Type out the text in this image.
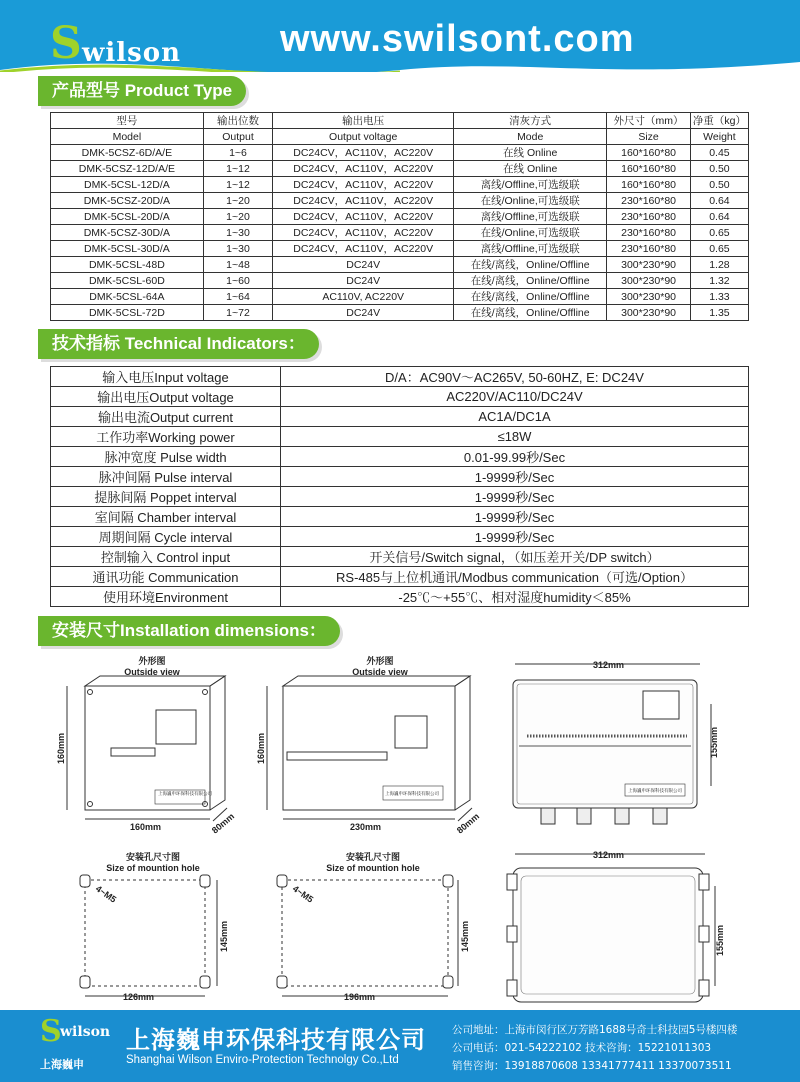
S wilson	www.swilsont.com
产品型号 Product Type
型号	输出位数	输出电压	清灰方式	外尺寸（mm）	净重（kg）
Model	Output	Output voltage	Mode	Size	Weight
DMK-5CSZ-6D/A/E	1~6	DC24CV，AC110V，AC220V	在线 Online	160*160*80	0.45
DMK-5CSZ-12D/A/E	1~12	DC24CV，AC110V，AC220V	在线 Online	160*160*80	0.50
DMK-5CSL-12D/A	1~12	DC24CV，AC110V，AC220V	离线/Offline,可选级联	160*160*80	0.50
DMK-5CSZ-20D/A	1~20	DC24CV，AC110V，AC220V	在线/Online,可选级联	230*160*80	0.64
DMK-5CSL-20D/A	1~20	DC24CV，AC110V，AC220V	离线/Offline,可选级联	230*160*80	0.64
DMK-5CSZ-30D/A	1~30	DC24CV，AC110V，AC220V	在线/Online,可选级联	230*160*80	0.65
DMK-5CSL-30D/A	1~30	DC24CV，AC110V，AC220V	离线/Offline,可选级联	230*160*80	0.65
DMK-5CSL-48D	1~48	DC24V	在线/离线，Online/Offline	300*230*90	1.28
DMK-5CSL-60D	1~60	DC24V	在线/离线，Online/Offline	300*230*90	1.32
DMK-5CSL-64A	1~64	AC110V, AC220V	在线/离线，Online/Offline	300*230*90	1.33
DMK-5CSL-72D	1~72	DC24V	在线/离线，Online/Offline	300*230*90	1.35
技术指标 Technical Indicators：
输入电压Input voltage	D/A：AC90V～AC265V, 50-60HZ, E: DC24V
输出电压Output voltage	AC220V/AC110/DC24V
输出电流Output current	AC1A/DC1A
工作功率Working power	≤18W
脉冲宽度 Pulse width	0.01-99.99秒/Sec
脉冲间隔 Pulse interval	1-9999秒/Sec
提脉间隔 Poppet interval	1-9999秒/Sec
室间隔 Chamber interval	1-9999秒/Sec
周期间隔 Cycle interval	1-9999秒/Sec
控制输入 Control input	开关信号/Switch signal，（如压差开关/DP switch）
通讯功能 Communication	RS-485与上位机通讯/Modbus communication（可选/Option）
使用环境Environment	-25℃～+55℃、相对湿度humidity＜85%
安装尺寸Installation dimensions：
外形图
Outside view
160mm
160mm	80mm
上海巍申环保科技有限公司
外形图
Outside view
160mm
230mm	80mm
上海巍申环保科技有限公司
312mm
155mm
上海巍申环保科技有限公司
安装孔尺寸图
Size of mountion hole
4~M5
145mm
126mm
安装孔尺寸图
Size of mountion hole
4~M5
145mm
196mm
312mm
155mm
S
wilson
上海巍申
上海巍申环保科技有限公司
Shanghai Wilson Enviro-Protection Technolgy Co.,Ltd
公司地址：上海市闵行区万芳路1688号奇士科技园5号楼四楼
公司电话：021-54222102 技术咨询：15221011303
销售咨询：13918870608 13341777411 13370073511
